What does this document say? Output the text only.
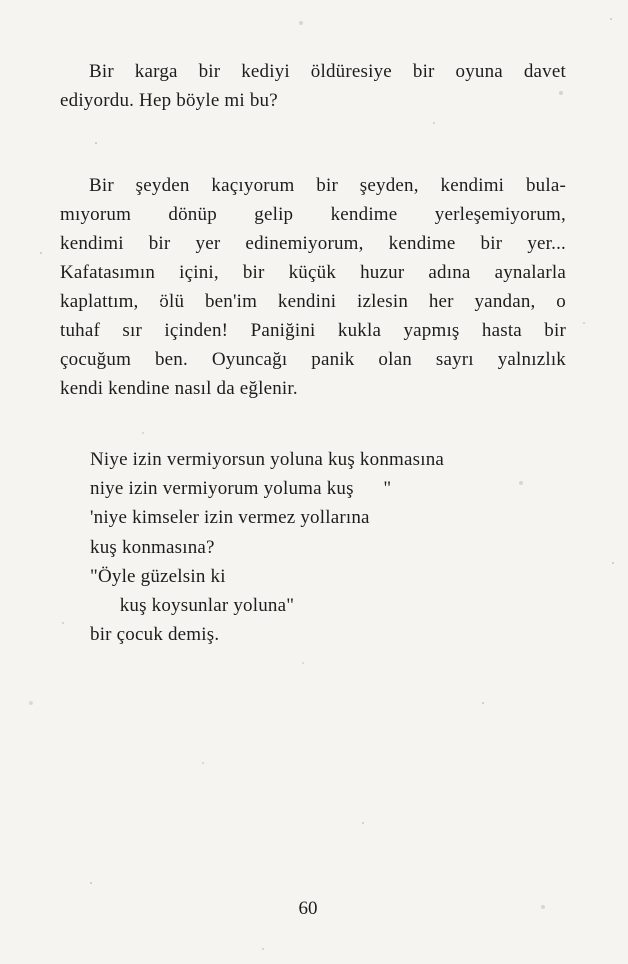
Bir karga bir kediyi öldüresiye bir oyuna davet
ediyordu. Hep böyle mi bu?
Bir şeyden kaçıyorum bir şeyden, kendimi bula-
mıyorum dönüp gelip kendime yerleşemiyorum,
kendimi bir yer edinemiyorum, kendime bir yer...
Kafatasımın içini, bir küçük huzur adına aynalarla
kaplattım, ölü ben'im kendini izlesin her yandan, o
tuhaf sır içinden! Paniğini kukla yapmış hasta bir
çocuğum ben. Oyuncağı panik olan sayrı yalnızlık
kendi kendine nasıl da eğlenir.
Niye izin vermiyorsun yoluna kuş konmasına
niye izin vermiyorum yoluma kuş      "
'niye kimseler izin vermez yollarına
kuş konmasına?
"Öyle güzelsin ki
kuş koysunlar yoluna"
bir çocuk demiş.
60
